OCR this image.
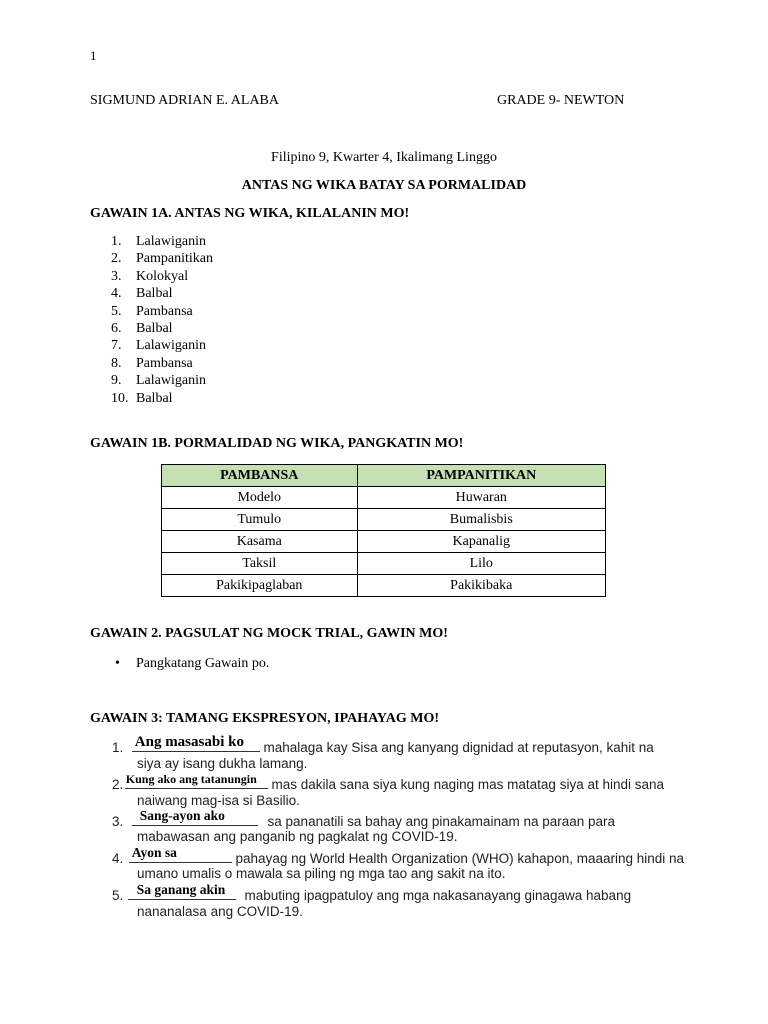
1
SIGMUND ADRIAN E. ALABA	GRADE 9- NEWTON
Filipino 9, Kwarter 4, Ikalimang Linggo
ANTAS NG WIKA BATAY SA PORMALIDAD
GAWAIN 1A. ANTAS NG WIKA, KILALANIN MO!
1. Lalawiganin
2. Pampanitikan
3. Kolokyal
4. Balbal
5. Pambansa
6. Balbal
7. Lalawiganin
8. Pambansa
9. Lalawiganin
10. Balbal
GAWAIN 1B. PORMALIDAD NG WIKA, PANGKATIN MO!
PAMBANSA	PAMPANITIKAN
Modelo	Huwaran
Tumulo	Bumalisbis
Kasama	Kapanalig
Taksil	Lilo
Pakikipaglaban	Pakikibaka
GAWAIN 2. PAGSULAT NG MOCK TRIAL, GAWIN MO!
• Pangkatang Gawain po.
GAWAIN 3: TAMANG EKSPRESYON, IPAHAYAG MO!
1. Ang masasabi ko mahalaga kay Sisa ang kanyang dignidad at reputasyon, kahit na
siya ay isang dukha lamang.
2. Kung ako ang tatanungin mas dakila sana siya kung naging mas matatag siya at hindi sana
naiwang mag-isa si Basilio.
3. Sang-ayon ako	sa pananatili sa bahay ang pinakamainam na paraan para
mabawasan ang panganib ng pagkalat ng COVID-19.
4. Ayon sa	pahayag ng World Health Organization (WHO) kahapon, maaaring hindi na
umano umalis o mawala sa piling ng mga tao ang sakit na ito.
5. Sa ganang akin mabuting ipagpatuloy ang mga nakasanayang ginagawa habang
nananalasa ang COVID-19.
